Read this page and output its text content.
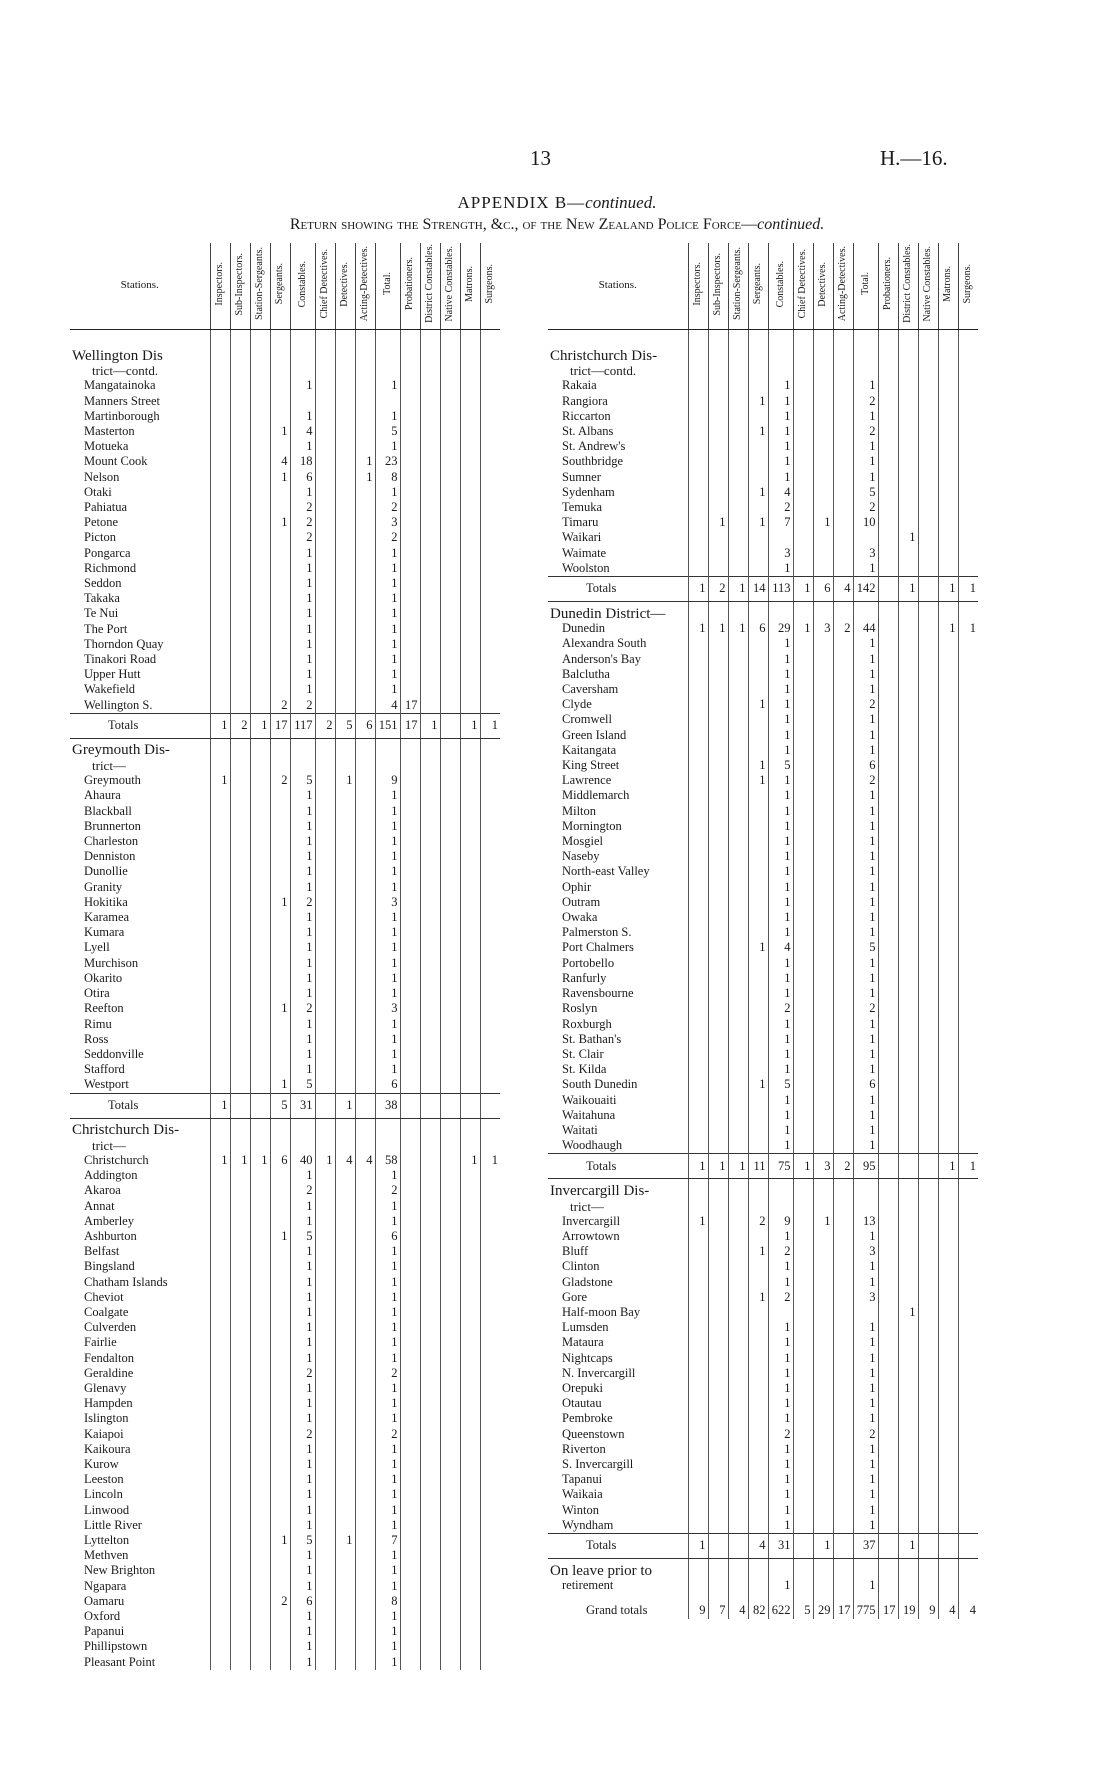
13	H.—16.
APPENDIX B—continued.
Return showing the Strength, &c., of the New Zealand Police Force—continued.
Stations.	Inspectors.	Sub-Inspectors.	Station-Sergeants.	Sergeants.	Constables.	Chief Detectives.	Detectives.	Acting-Detectives.	Total.	Probationers.	District Constables.	Native Constables.	Matrons.	Surgeons.

Wellington Dis														
trict—contd.														
Mangatainoka					1				1					
Manners Street														
Martinborough					1				1					
Masterton				1	4				5					
Motueka					1				1					
Mount Cook				4	18			1	23					
Nelson				1	6			1	8					
Otaki					1				1					
Pahiatua					2				2					
Petone				1	2				3					
Picton					2				2					
Pongarca					1				1					
Richmond					1				1					
Seddon					1				1					
Takaka					1				1					
Te Nui					1				1					
The Port					1				1					
Thorndon Quay					1				1					
Tinakori Road					1				1					
Upper Hutt					1				1					
Wakefield					1				1					
Wellington S.				2	2				4	17				
Totals	1	2	1	17	117	2	5	6	151	17	1		1	1
Greymouth Dis-														
trict—														
Greymouth	1			2	5		1		9					
Ahaura					1				1					
Blackball					1				1					
Brunnerton					1				1					
Charleston					1				1					
Denniston					1				1					
Dunollie					1				1					
Granity					1				1					
Hokitika				1	2				3					
Karamea					1				1					
Kumara					1				1					
Lyell					1				1					
Murchison					1				1					
Okarito					1				1					
Otira					1				1					
Reefton				1	2				3					
Rimu					1				1					
Ross					1				1					
Seddonville					1				1					
Stafford					1				1					
Westport				1	5				6					
Totals	1			5	31		1		38					
Christchurch Dis-														
trict—														
Christchurch	1	1	1	6	40	1	4	4	58				1	1
Addington					1				1					
Akaroa					2				2					
Annat					1				1					
Amberley					1				1					
Ashburton				1	5				6					
Belfast					1				1					
Bingsland					1				1					
Chatham Islands					1				1					
Cheviot					1				1					
Coalgate					1				1					
Culverden					1				1					
Fairlie					1				1					
Fendalton					1				1					
Geraldine					2				2					
Glenavy					1				1					
Hampden					1				1					
Islington					1				1					
Kaiapoi					2				2					
Kaikoura					1				1					
Kurow					1				1					
Leeston					1				1					
Lincoln					1				1					
Linwood					1				1					
Little River					1				1					
Lyttelton				1	5		1		7					
Methven					1				1					
New Brighton					1				1					
Ngapara					1				1					
Oamaru				2	6				8					
Oxford					1				1					
Papanui					1				1					
Phillipstown					1				1					
Pleasant Point					1				1					
Stations.	Inspectors.	Sub-Inspectors.	Station-Sergeants.	Sergeants.	Constables.	Chief Detectives.	Detectives.	Acting-Detectives.	Total.	Probationers.	District Constables.	Native Constables.	Matrons.	Surgeons.

Christchurch Dis-														
trict—contd.														
Rakaia					1				1					
Rangiora				1	1				2					
Riccarton					1				1					
St. Albans				1	1				2					
St. Andrew's					1				1					
Southbridge					1				1					
Sumner					1				1					
Sydenham				1	4				5					
Temuka					2				2					
Timaru		1		1	7		1		10					
Waikari											1			
Waimate					3				3					
Woolston					1				1					
Totals	1	2	1	14	113	1	6	4	142		1		1	1
Dunedin District—														
Dunedin	1	1	1	6	29	1	3	2	44				1	1
Alexandra South					1				1					
Anderson's Bay					1				1					
Balclutha					1				1					
Caversham					1				1					
Clyde				1	1				2					
Cromwell					1				1					
Green Island					1				1					
Kaitangata					1				1					
King Street				1	5				6					
Lawrence				1	1				2					
Middlemarch					1				1					
Milton					1				1					
Mornington					1				1					
Mosgiel					1				1					
Naseby					1				1					
North-east Valley					1				1					
Ophir					1				1					
Outram					1				1					
Owaka					1				1					
Palmerston S.					1				1					
Port Chalmers				1	4				5					
Portobello					1				1					
Ranfurly					1				1					
Ravensbourne					1				1					
Roslyn					2				2					
Roxburgh					1				1					
St. Bathan's					1				1					
St. Clair					1				1					
St. Kilda					1				1					
South Dunedin				1	5				6					
Waikouaiti					1				1					
Waitahuna					1				1					
Waitati					1				1					
Woodhaugh					1				1					
Totals	1	1	1	11	75	1	3	2	95				1	1
Invercargill Dis-														
trict—														
Invercargill	1			2	9		1		13					
Arrowtown					1				1					
Bluff				1	2				3					
Clinton					1				1					
Gladstone					1				1					
Gore				1	2				3					
Half-moon Bay											1			
Lumsden					1				1					
Mataura					1				1					
Nightcaps					1				1					
N. Invercargill					1				1					
Orepuki					1				1					
Otautau					1				1					
Pembroke					1				1					
Queenstown					2				2					
Riverton					1				1					
S. Invercargill					1				1					
Tapanui					1				1					
Waikaia					1				1					
Winton					1				1					
Wyndham					1				1					
Totals	1			4	31		1		37		1			
On leave prior to														
retirement					1				1					

Grand totals	9	7	4	82	622	5	29	17	775	17	19	9	4	4
